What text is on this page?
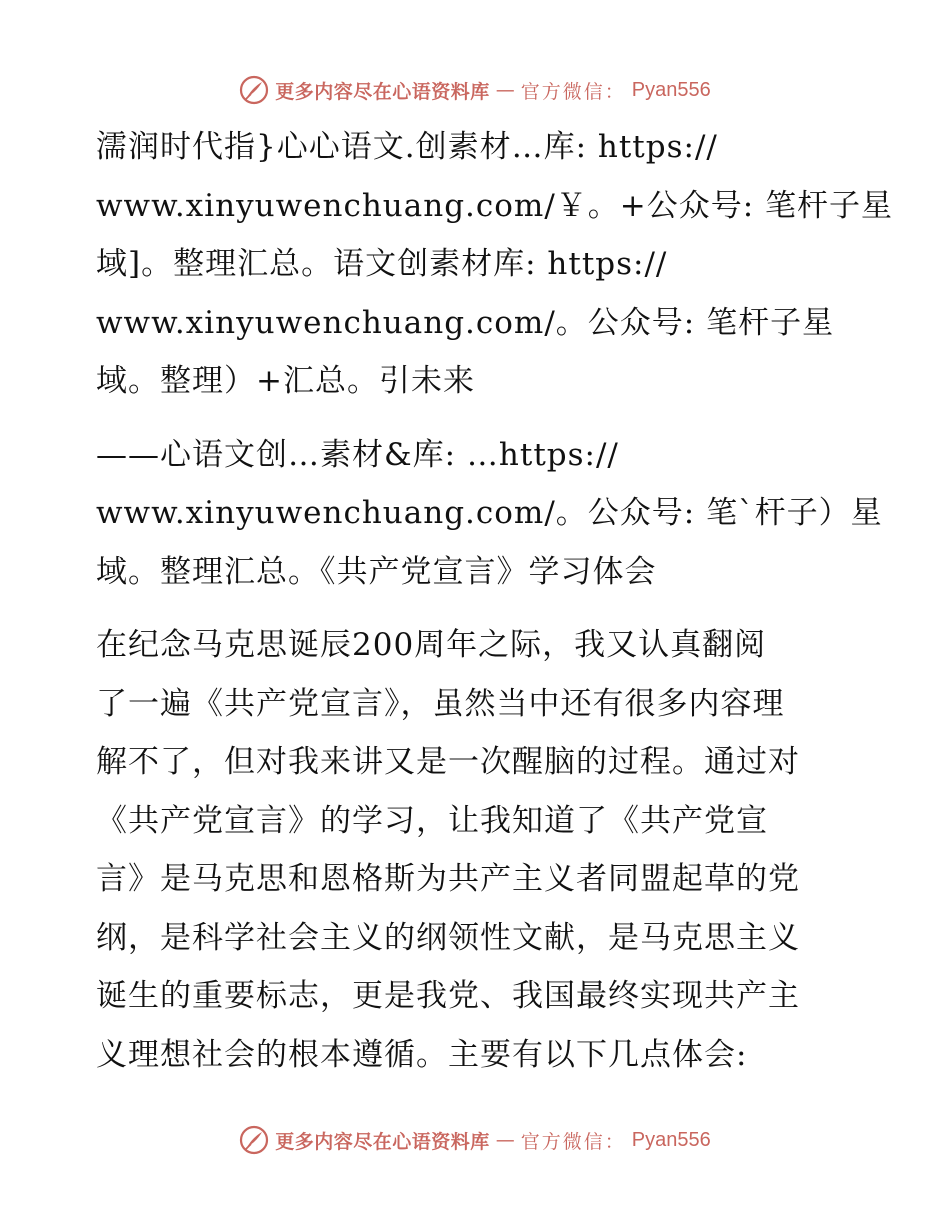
更多内容尽在心语资料库 — 官方微信： Pyan556
濡润时代指}心心语文.创素材…库: https://
www.xinyuwenchuang.com/￥。+公众号: 笔杆子星
域]。整理汇总。语文创素材库: https://
www.xinyuwenchuang.com/。公众号: 笔杆子星
域。整理）+汇总。引未来
——心语文创…素材&库: …https://
www.xinyuwenchuang.com/。公众号: 笔`杆子）星
域。整理汇总。《共产党宣言》学习体会
在纪念马克思诞辰200周年之际，我又认真翻阅
了一遍《共产党宣言》，虽然当中还有很多内容理
解不了，但对我来讲又是一次醒脑的过程。通过对
《共产党宣言》的学习，让我知道了《共产党宣
言》是马克思和恩格斯为共产主义者同盟起草的党
纲，是科学社会主义的纲领性文献，是马克思主义
诞生的重要标志，更是我党、我国最终实现共产主
义理想社会的根本遵循。主要有以下几点体会:
更多内容尽在心语资料库 — 官方微信： Pyan556
